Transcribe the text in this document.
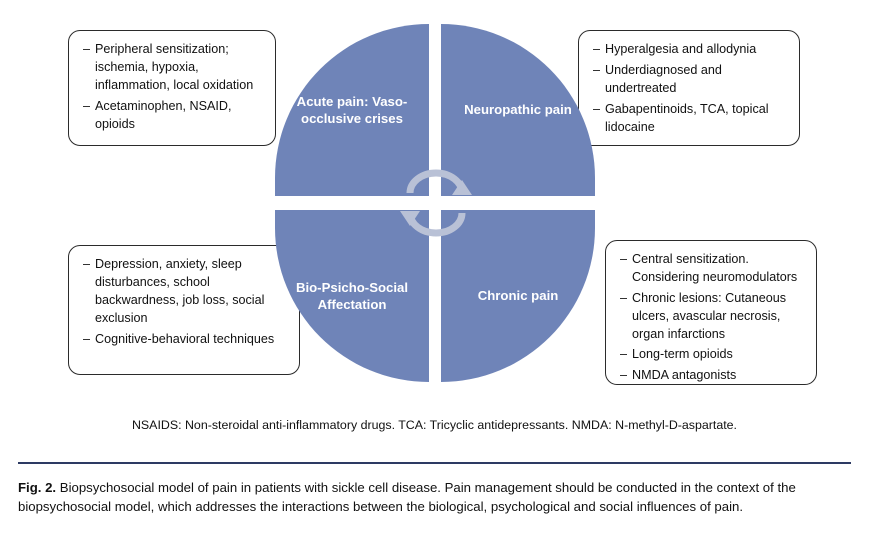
– Peripheral sensitization; ischemia, hypoxia, inflammation, local oxidation
– Acetaminophen, NSAID, opioids
– Hyperalgesia and allodynia
– Underdiagnosed and undertreated
– Gabapentinoids, TCA, topical lidocaine
– Depression, anxiety, sleep disturbances, school backwardness, job loss, social exclusion
– Cognitive-behavioral techniques
– Central sensitization. Considering neuromodulators
– Chronic lesions: Cutaneous ulcers, avascular necrosis, organ infarctions
– Long-term opioids
– NMDA antagonists
Acute pain: Vaso-occlusive crises
Neuropathic pain
Bio-Psicho-Social Affectation
Chronic pain
NSAIDS: Non-steroidal anti-inflammatory drugs. TCA: Tricyclic antidepressants. NMDA: N-methyl-D-aspartate.
Fig. 2. Biopsychosocial model of pain in patients with sickle cell disease. Pain management should be conducted in the context of the biopsychosocial model, which addresses the interactions between the biological, psychological and social influences of pain.
